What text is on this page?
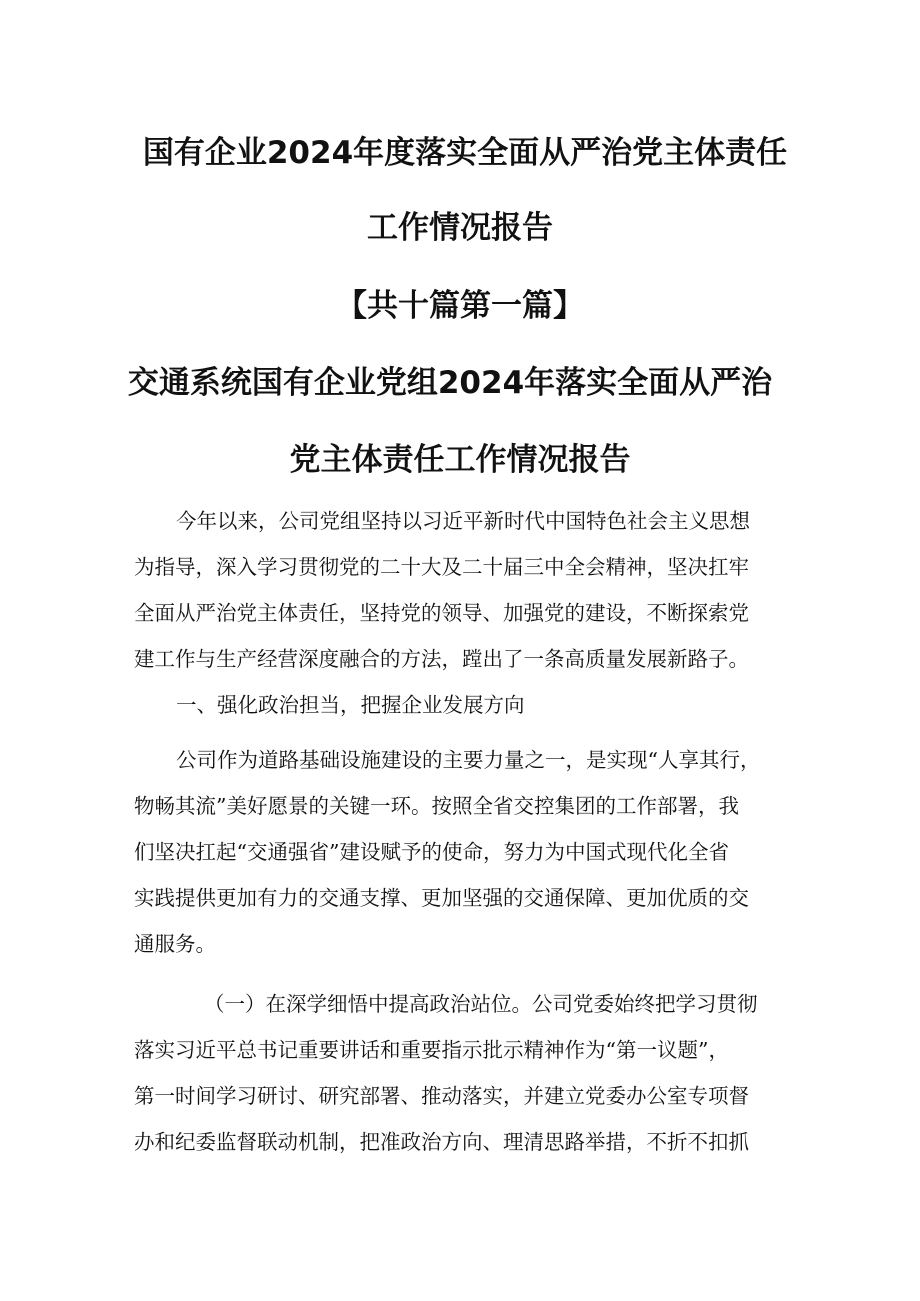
国有企业2024年度落实全面从严治党主体责任
工作情况报告
【共十篇第一篇】
交通系统国有企业党组2024年落实全面从严治
党主体责任工作情况报告
今年以来，公司党组坚持以习近平新时代中国特色社会主义思想
为指导，深入学习贯彻党的二十大及二十届三中全会精神，坚决扛牢
全面从严治党主体责任，坚持党的领导、加强党的建设，不断探索党
建工作与生产经营深度融合的方法，蹚出了一条高质量发展新路子。
一、强化政治担当，把握企业发展方向
公司作为道路基础设施建设的主要力量之一，是实现“人享其行，
物畅其流”美好愿景的关键一环。按照全省交控集团的工作部署，我
们坚决扛起“交通强省”建设赋予的使命，努力为中国式现代化全省
实践提供更加有力的交通支撑、更加坚强的交通保障、更加优质的交
通服务。
（一）在深学细悟中提高政治站位。公司党委始终把学习贯彻
落实习近平总书记重要讲话和重要指示批示精神作为“第一议题”，
第一时间学习研讨、研究部署、推动落实，并建立党委办公室专项督
办和纪委监督联动机制，把准政治方向、理清思路举措，不折不扣抓
